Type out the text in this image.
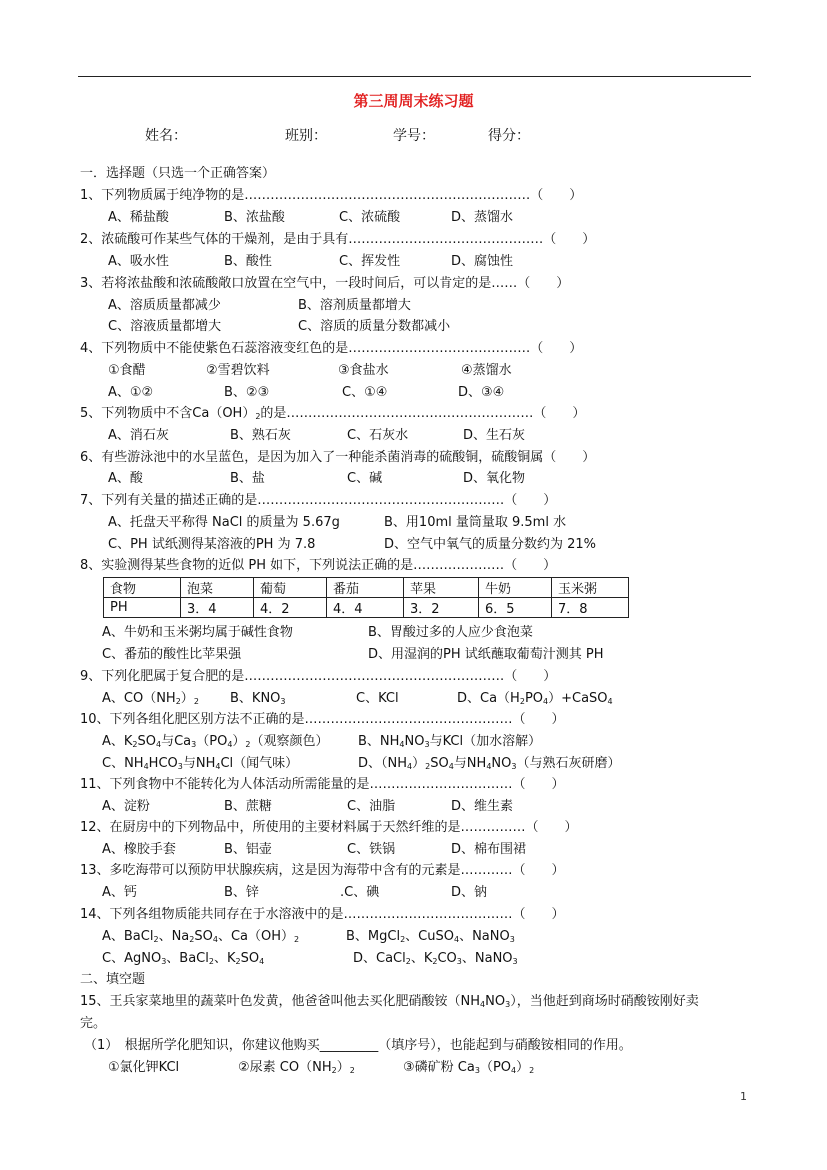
第三周周末练习题
姓名：	班别：	学号：	得分：
一．选择题（只选一个正确答案）
1、下列物质属于纯净物的是…………………………………………………………（　　）
A、稀盐酸	B、浓盐酸	C、浓硫酸	D、蒸馏水
2、浓硫酸可作某些气体的干燥剂，是由于具有………………………………………（　　）
A、吸水性	B、酸性	C、挥发性	D、腐蚀性
3、若将浓盐酸和浓硫酸敞口放置在空气中，一段时间后，可以肯定的是……（　　）
A、溶质质量都减少	B、溶剂质量都增大
C、溶液质量都增大	C、溶质的质量分数都减小
4、下列物质中不能使紫色石蕊溶液变红色的是……………………………………（　　）
①食醋	②雪碧饮料	③食盐水	④蒸馏水
A、①②	B、②③	C、①④	D、③④
5、下列物质中不含$Ca(OH)_2$的是…………………………………………………（　　）
A、消石灰	B、熟石灰	C、石灰水	D、生石灰
6、有些游泳池中的水呈蓝色，是因为加入了一种能杀菌消毒的硫酸铜，硫酸铜属（　　）
A、酸	B、盐	C、碱	D、氧化物
7、下列有关量的描述正确的是…………………………………………………（　　）
A、托盘天平称得 NaCl 的质量为 5.67g	B、用10ml 量筒量取 9.5ml 水
C、PH 试纸测得某溶液的PH 为 7.8	D、空气中氧气的质量分数约为 21%
8、实验测得某些食物的近似 PH 如下，下列说法正确的是…………………（　　）
食物	泡菜	葡萄	番茄	苹果	牛奶	玉米粥
PH	3．4	4．2	4．4	3．2	6．5	7．8
A、牛奶和玉米粥均属于碱性食物	B、胃酸过多的人应少食泡菜
C、番茄的酸性比苹果强	D、用湿润的PH 试纸蘸取葡萄汁测其 PH
9、下列化肥属于复合肥的是……………………………………………………（　　）
A、$CO(NH_2)_2$ B、$KNO_3$	C、KCl	D、$Ca(H_2PO_4)+CaSO_4$
10、下列各组化肥区别方法不正确的是…………………………………………（　　）
A、$K_2SO_4$与$Ca_3(PO_4)_2$（观察颜色） B、$NH_4NO_3$与KCl（加水溶解）
C、$NH_4HCO_3$与$NH_4Cl$（闻气味）	D、$(NH_4)_2SO_4$与$NH_4NO_3$（与熟石灰研磨）
11、下列食物中不能转化为人体活动所需能量的是……………………………（　　）
A、淀粉	B、蔗糖	C、油脂	D、维生素
12、在厨房中的下列物品中，所使用的主要材料属于天然纤维的是……………（　　）
A、橡胶手套	B、铝壶	C、铁锅	D、棉布围裙
13、多吃海带可以预防甲状腺疾病，这是因为海带中含有的元素是…………（　　）
A、钙	B、锌	.C、碘	D、钠
14、下列各组物质能共同存在于水溶液中的是…………………………………（　　）
A、BaCl$_2$、$Na_2SO_4$、$Ca(OH)_2$	B、MgCl$_2$、CuSO$_4$、NaNO$_3$
C、AgNO$_3$、BaCl$_2$、$K_2SO_4$	D、CaCl$_2$、$K_2CO_3$、NaNO$_3$
二、填空题
15、王兵家菜地里的蔬菜叶色发黄，他爸爸叫他去买化肥硝酸铵$(NH_4NO_3)$，当他赶到商场时硝酸铵刚好卖
完。
（1）　根据所学化肥知识，你建议他购买_________（填序号），也能起到与硝酸铵相同的作用。
①氯化钾KCl	②尿素 $CO(NH_2)_2$	③磷矿粉 $Ca_3(PO_4)_2$
1
